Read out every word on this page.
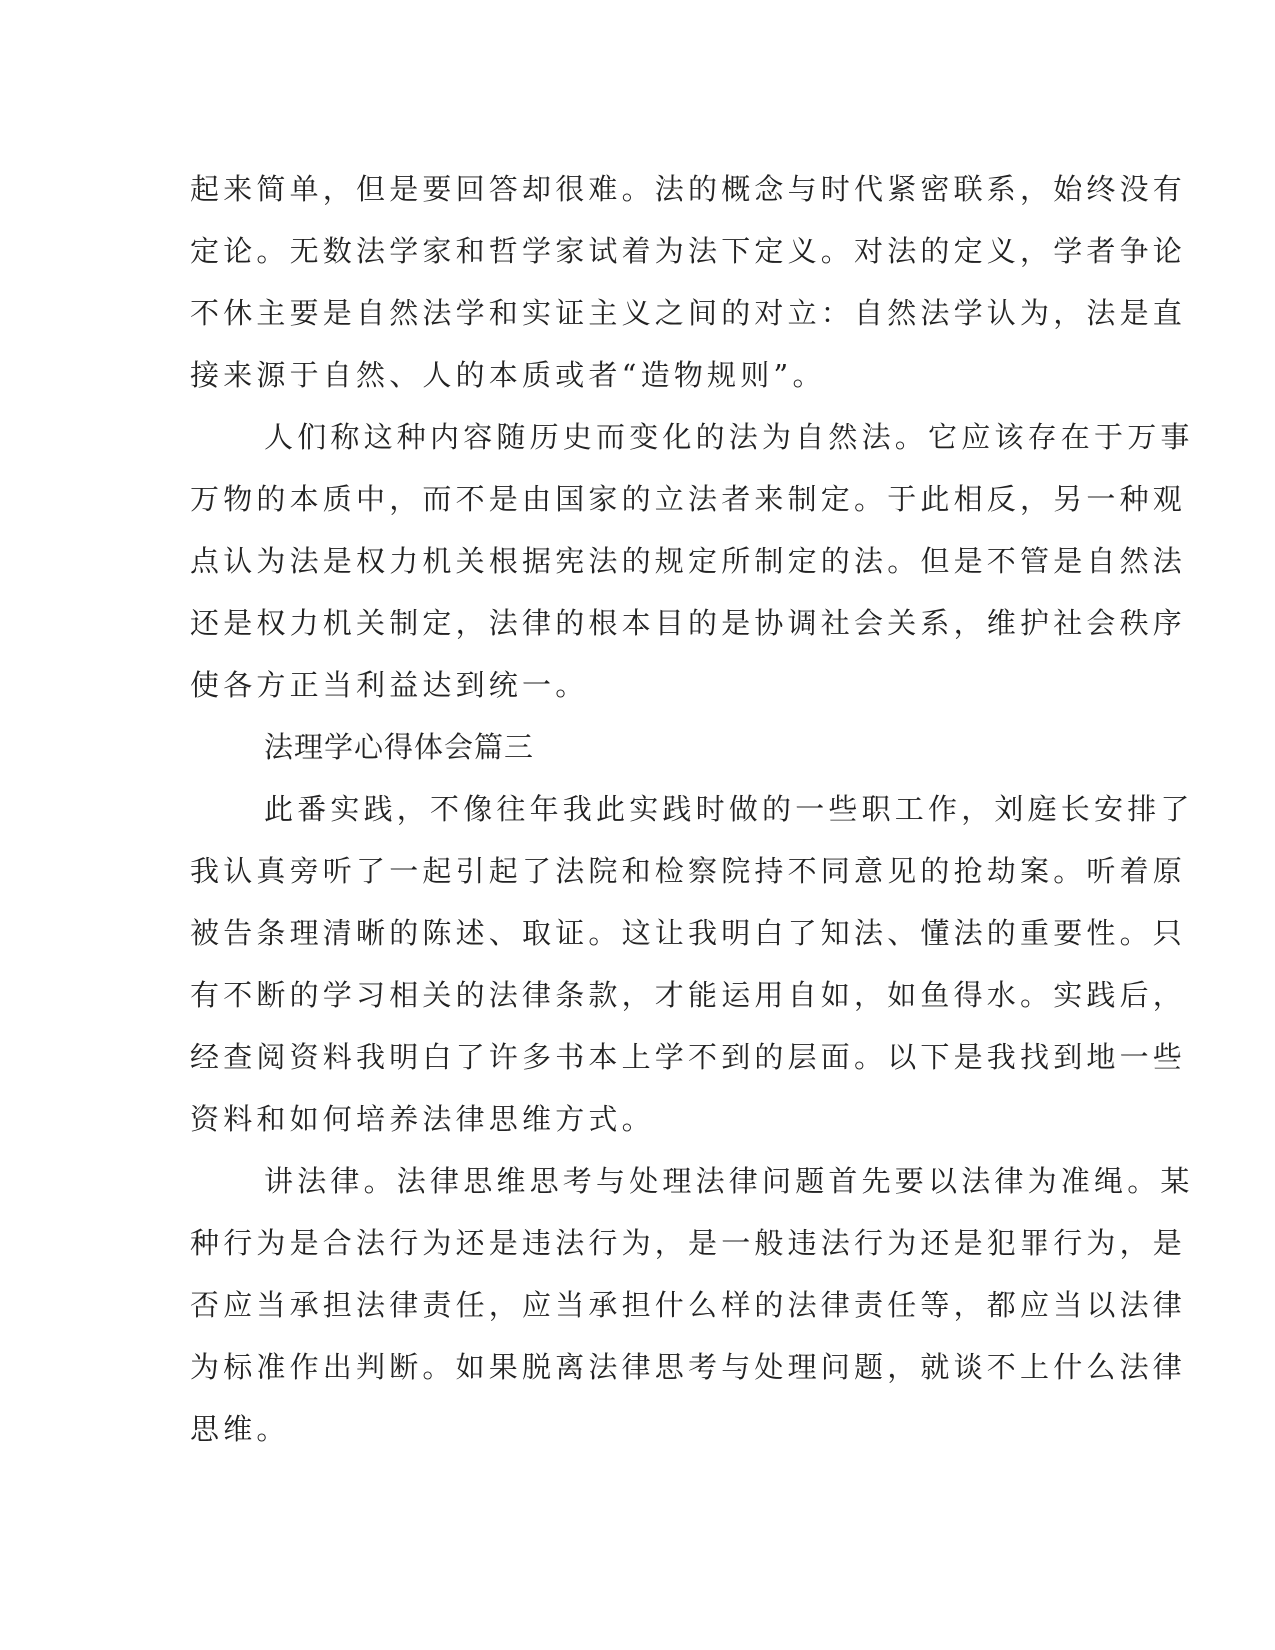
起来简单，但是要回答却很难。法的概念与时代紧密联系，始终没有
定论。无数法学家和哲学家试着为法下定义。对法的定义，学者争论
不休主要是自然法学和实证主义之间的对立：自然法学认为，法是直
接来源于自然、人的本质或者“造物规则”。
人们称这种内容随历史而变化的法为自然法。它应该存在于万事
万物的本质中，而不是由国家的立法者来制定。于此相反，另一种观
点认为法是权力机关根据宪法的规定所制定的法。但是不管是自然法
还是权力机关制定，法律的根本目的是协调社会关系，维护社会秩序
使各方正当利益达到统一。
法理学心得体会篇三
此番实践，不像往年我此实践时做的一些职工作，刘庭长安排了
我认真旁听了一起引起了法院和检察院持不同意见的抢劫案。听着原
被告条理清晰的陈述、取证。这让我明白了知法、懂法的重要性。只
有不断的学习相关的法律条款，才能运用自如，如鱼得水。实践后，
经查阅资料我明白了许多书本上学不到的层面。以下是我找到地一些
资料和如何培养法律思维方式。
讲法律。法律思维思考与处理法律问题首先要以法律为准绳。某
种行为是合法行为还是违法行为，是一般违法行为还是犯罪行为，是
否应当承担法律责任，应当承担什么样的法律责任等，都应当以法律
为标准作出判断。如果脱离法律思考与处理问题，就谈不上什么法律
思维。
